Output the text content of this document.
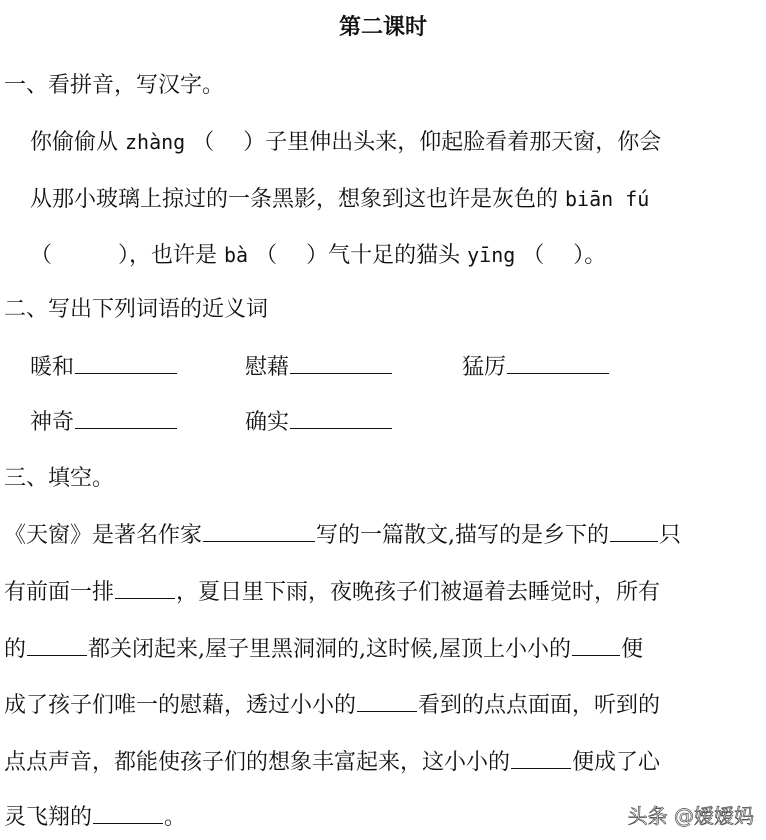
第二课时
一、看拼音，写汉字。
你偷偷从 zhàng （　 ）子里伸出头来，仰起脸看着那天窗，你会
从那小玻璃上掠过的一条黑影，想象到这也许是灰色的 biān fú
（　　　），也许是 bà （　 ）气十足的猫头 yīng （　 ）。
二、写出下列词语的近义词
暖和	慰藉	猛厉
神奇	确实
三、填空。
《天窗》是著名作家	写的一篇散文,描写的是乡下的 只
有前面一排	，夏日里下雨，夜晚孩子们被逼着去睡觉时，所有
的	都关闭起来,屋子里黑洞洞的,这时候,屋顶上小小的 便
成了孩子们唯一的慰藉，透过小小的	看到的点点面面，听到的
点点声音，都能使孩子们的想象丰富起来，这小小的	便成了心
灵飞翔的	。	头条 @嫒嫒妈
